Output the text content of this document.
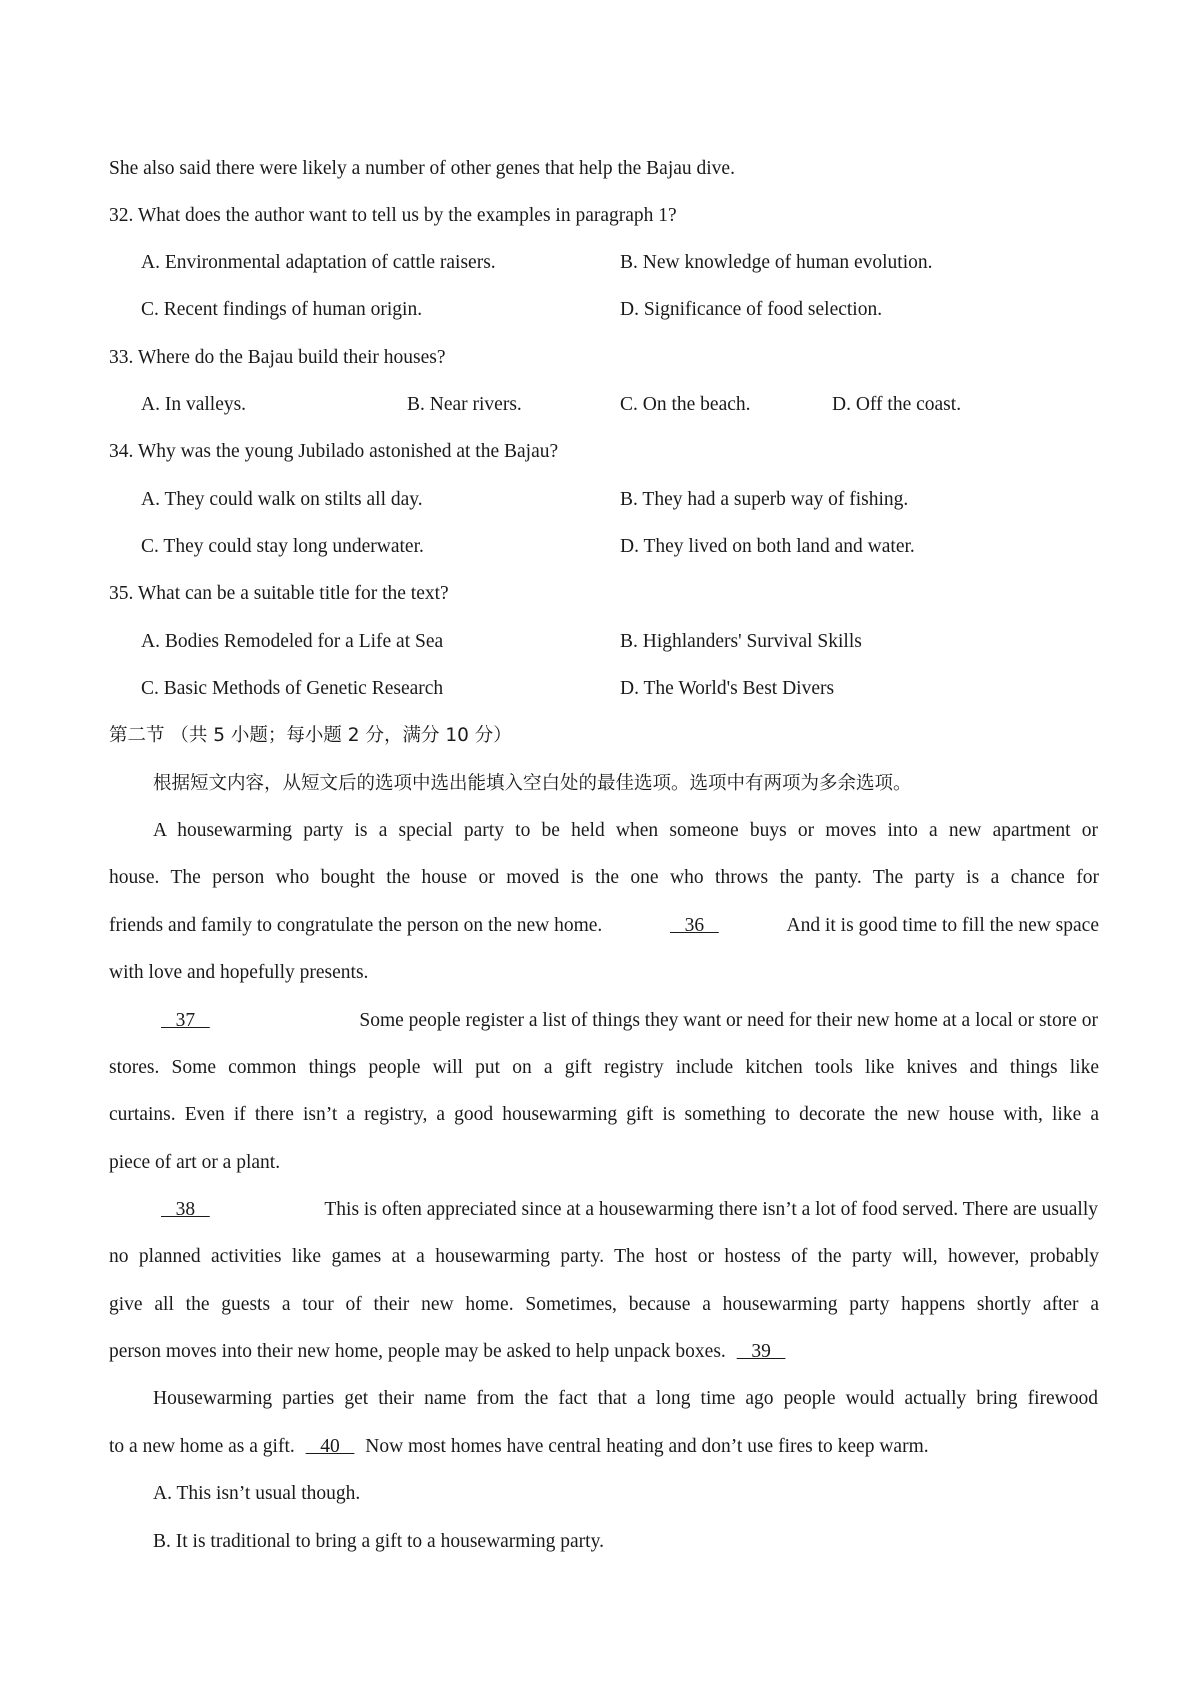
She also said there were likely a number of other genes that help the Bajau dive.
32. What does the author want to tell us by the examples in paragraph 1?
A. Environmental adaptation of cattle raisers.	B. New knowledge of human evolution.
C. Recent findings of human origin.	D. Significance of food selection.
33. Where do the Bajau build their houses?
A. In valleys.	B. Near rivers.	C. On the beach.	D. Off the coast.
34. Why was the young Jubilado astonished at the Bajau?
A. They could walk on stilts all day.	B. They had a superb way of fishing.
C. They could stay long underwater.	D. They lived on both land and water.
35. What can be a suitable title for the text?
A. Bodies Remodeled for a Life at Sea	B. Highlanders' Survival Skills
C. Basic Methods of Genetic Research	D. The World's Best Divers
第二节 （共 5 小题；每小题 2 分，满分 10 分）
根据短文内容，从短文后的选项中选出能填入空白处的最佳选项。选项中有两项为多余选项。
A housewarming party is a special party to be held when someone buys or moves into a new apartment or
house. The person who bought the house or moved is the one who throws the panty. The party is a chance for
friends and family to congratulate the person on the new home.	36	And it is good time to fill the new space
with love and hopefully presents.
37	Some people register a list of things they want or need for their new home at a local or store or
stores. Some common things people will put on a gift registry include kitchen tools like knives and things like
curtains. Even if there isn’t a registry, a good housewarming gift is something to decorate the new house with, like a
piece of art or a plant.
38	This is often appreciated since at a housewarming there isn’t a lot of food served. There are usually
no planned activities like games at a housewarming party. The host or hostess of the party will, however, probably
give all the guests a tour of their new home. Sometimes, because a housewarming party happens shortly after a
person moves into their new home, people may be asked to help unpack boxes.    39
Housewarming parties get their name from the fact that a long time ago people would actually bring firewood
to a new home as a gift.    40    Now most homes have central heating and don’t use fires to keep warm.
A. This isn’t usual though.
B. It is traditional to bring a gift to a housewarming party.
